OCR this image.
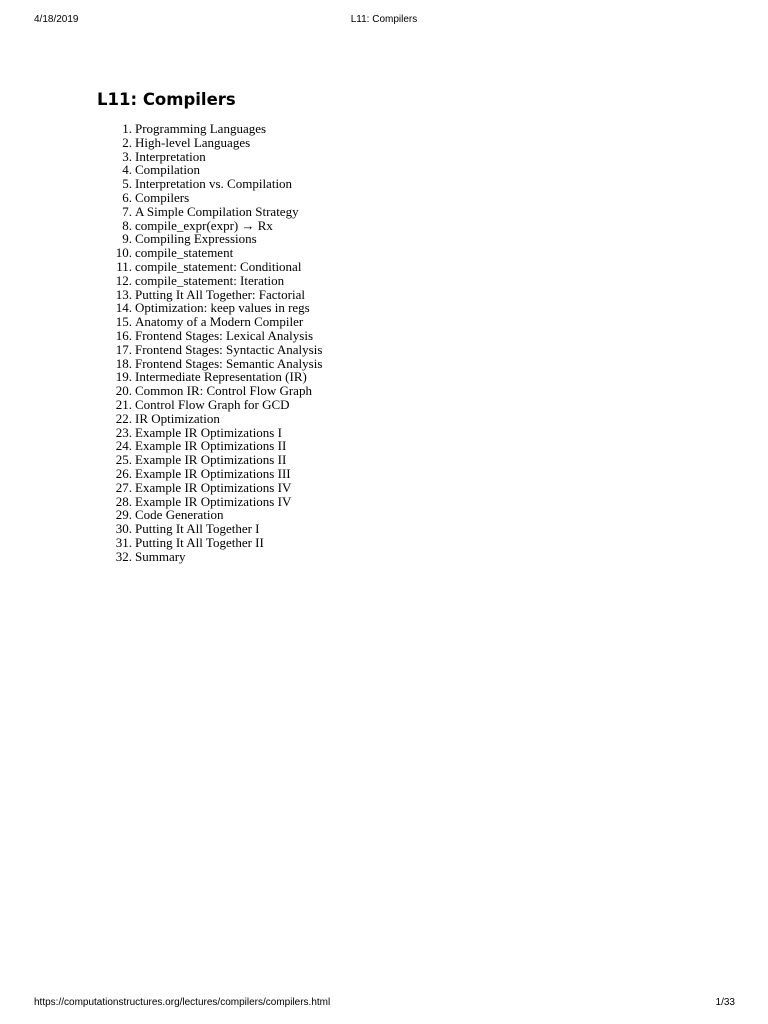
4/18/2019	L11: Compilers
L11: Compilers
1. Programming Languages
2. High-level Languages
3. Interpretation
4. Compilation
5. Interpretation vs. Compilation
6. Compilers
7. A Simple Compilation Strategy
8. compile_expr(expr) → Rx
9. Compiling Expressions
10. compile_statement
11. compile_statement: Conditional
12. compile_statement: Iteration
13. Putting It All Together: Factorial
14. Optimization: keep values in regs
15. Anatomy of a Modern Compiler
16. Frontend Stages: Lexical Analysis
17. Frontend Stages: Syntactic Analysis
18. Frontend Stages: Semantic Analysis
19. Intermediate Representation (IR)
20. Common IR: Control Flow Graph
21. Control Flow Graph for GCD
22. IR Optimization
23. Example IR Optimizations I
24. Example IR Optimizations II
25. Example IR Optimizations II
26. Example IR Optimizations III
27. Example IR Optimizations IV
28. Example IR Optimizations IV
29. Code Generation
30. Putting It All Together I
31. Putting It All Together II
32. Summary
https://computationstructures.org/lectures/compilers/compilers.html	1/33
